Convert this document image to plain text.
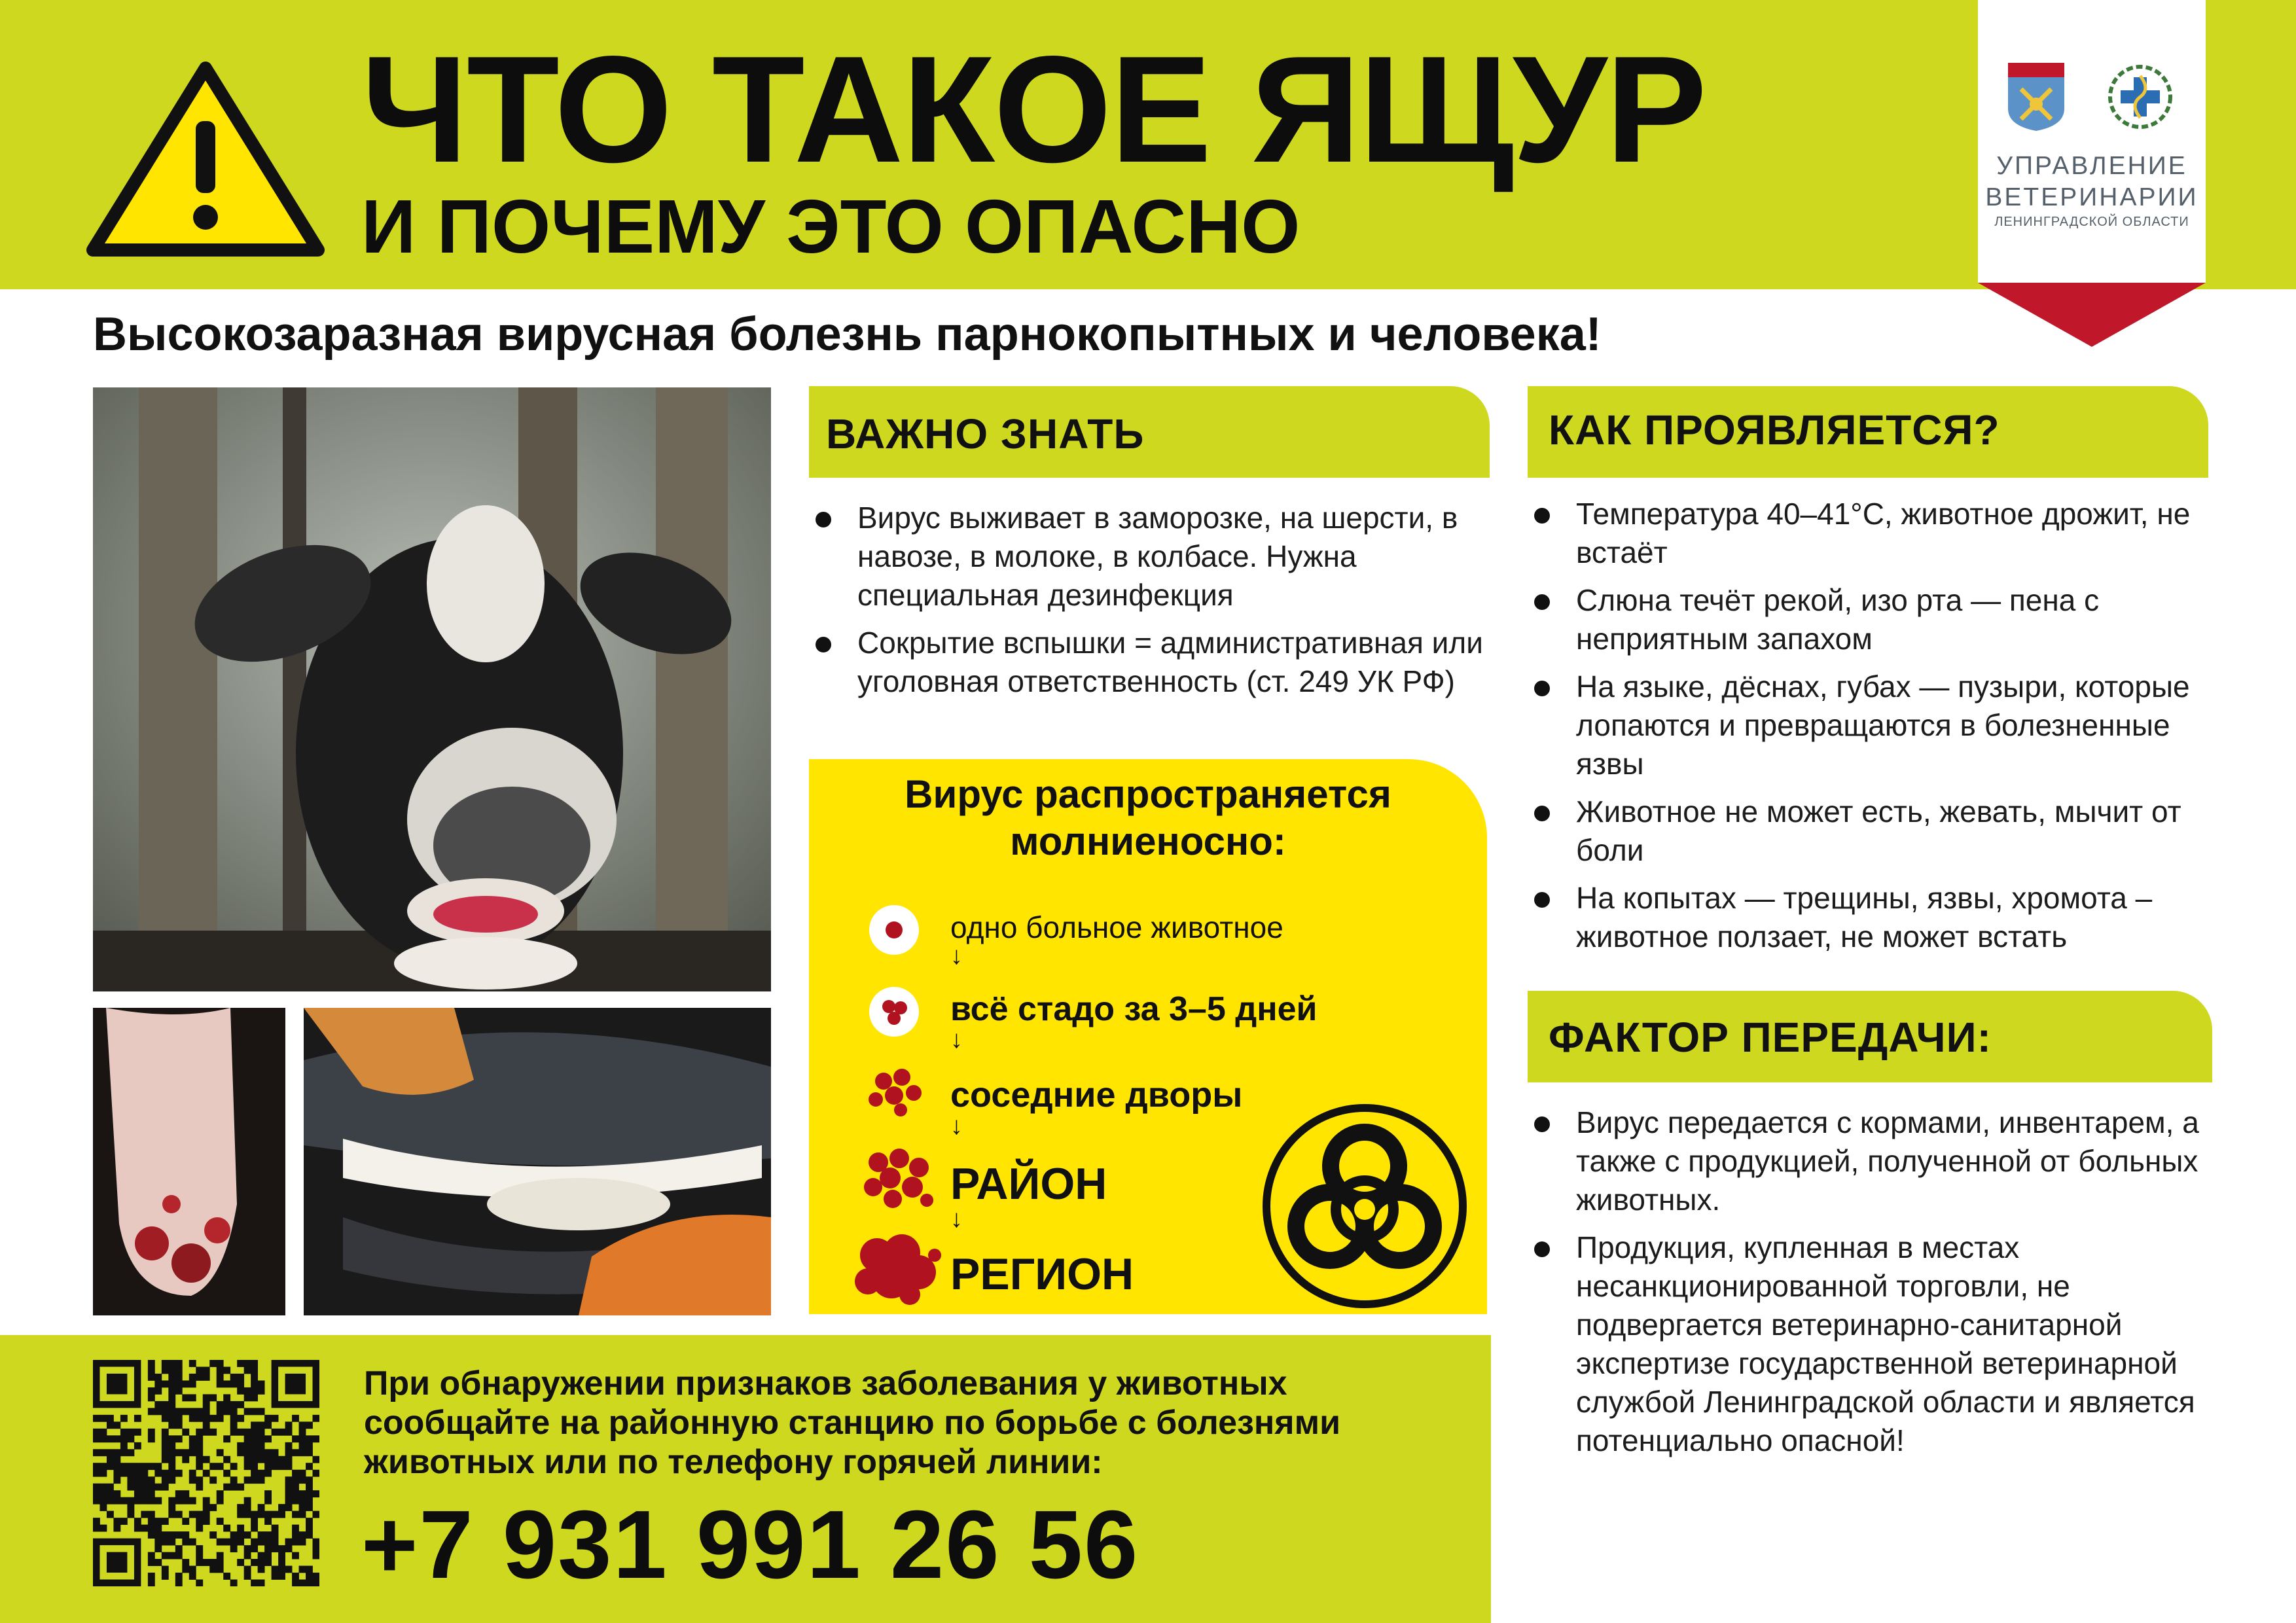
ЧТО ТАКОЕ ЯЩУР
И ПОЧЕМУ ЭТО ОПАСНО
УПРАВЛЕНИЕ
ВЕТЕРИНАРИИ
ЛЕНИНГРАДСКОЙ ОБЛАСТИ
Высокозаразная вирусная болезнь парнокопытных и человека!
ВАЖНО ЗНАТЬ
Вирус выживает в заморозке, на шерсти, в навозе, в молоке, в колбасе. Нужна специальная дезинфекция
Сокрытие вспышки = административная или уголовная ответственность (ст. 249 УК РФ)
Вирус распространяется молниеносно:
одно больное животное
↓
всё стадо за 3–5 дней
↓
соседние дворы
↓
РАЙОН
↓
РЕГИОН
КАК ПРОЯВЛЯЕТСЯ?
Температура 40–41°С, животное дрожит, не встаёт
Слюна течёт рекой, изо рта — пена с неприятным запахом
На языке, дёснах, губах — пузыри, которые лопаются и превращаются в болезненные язвы
Животное не может есть, жевать, мычит от боли
На копытах — трещины, язвы, хромота – животное ползает, не может встать
ФАКТОР ПЕРЕДАЧИ:
Вирус передается с кормами, инвентарем, а также с продукцией, полученной от больных животных.
Продукция, купленная в местах несанкционированной торговли, не подвергается ветеринарно-санитарной экспертизе государственной ветеринарной службой Ленинградской области и является потенциально опасной!
При обнаружении признаков заболевания у животных сообщайте на районную станцию по борьбе с болезнями животных или по телефону горячей линии:
+7 931 991 26 56
